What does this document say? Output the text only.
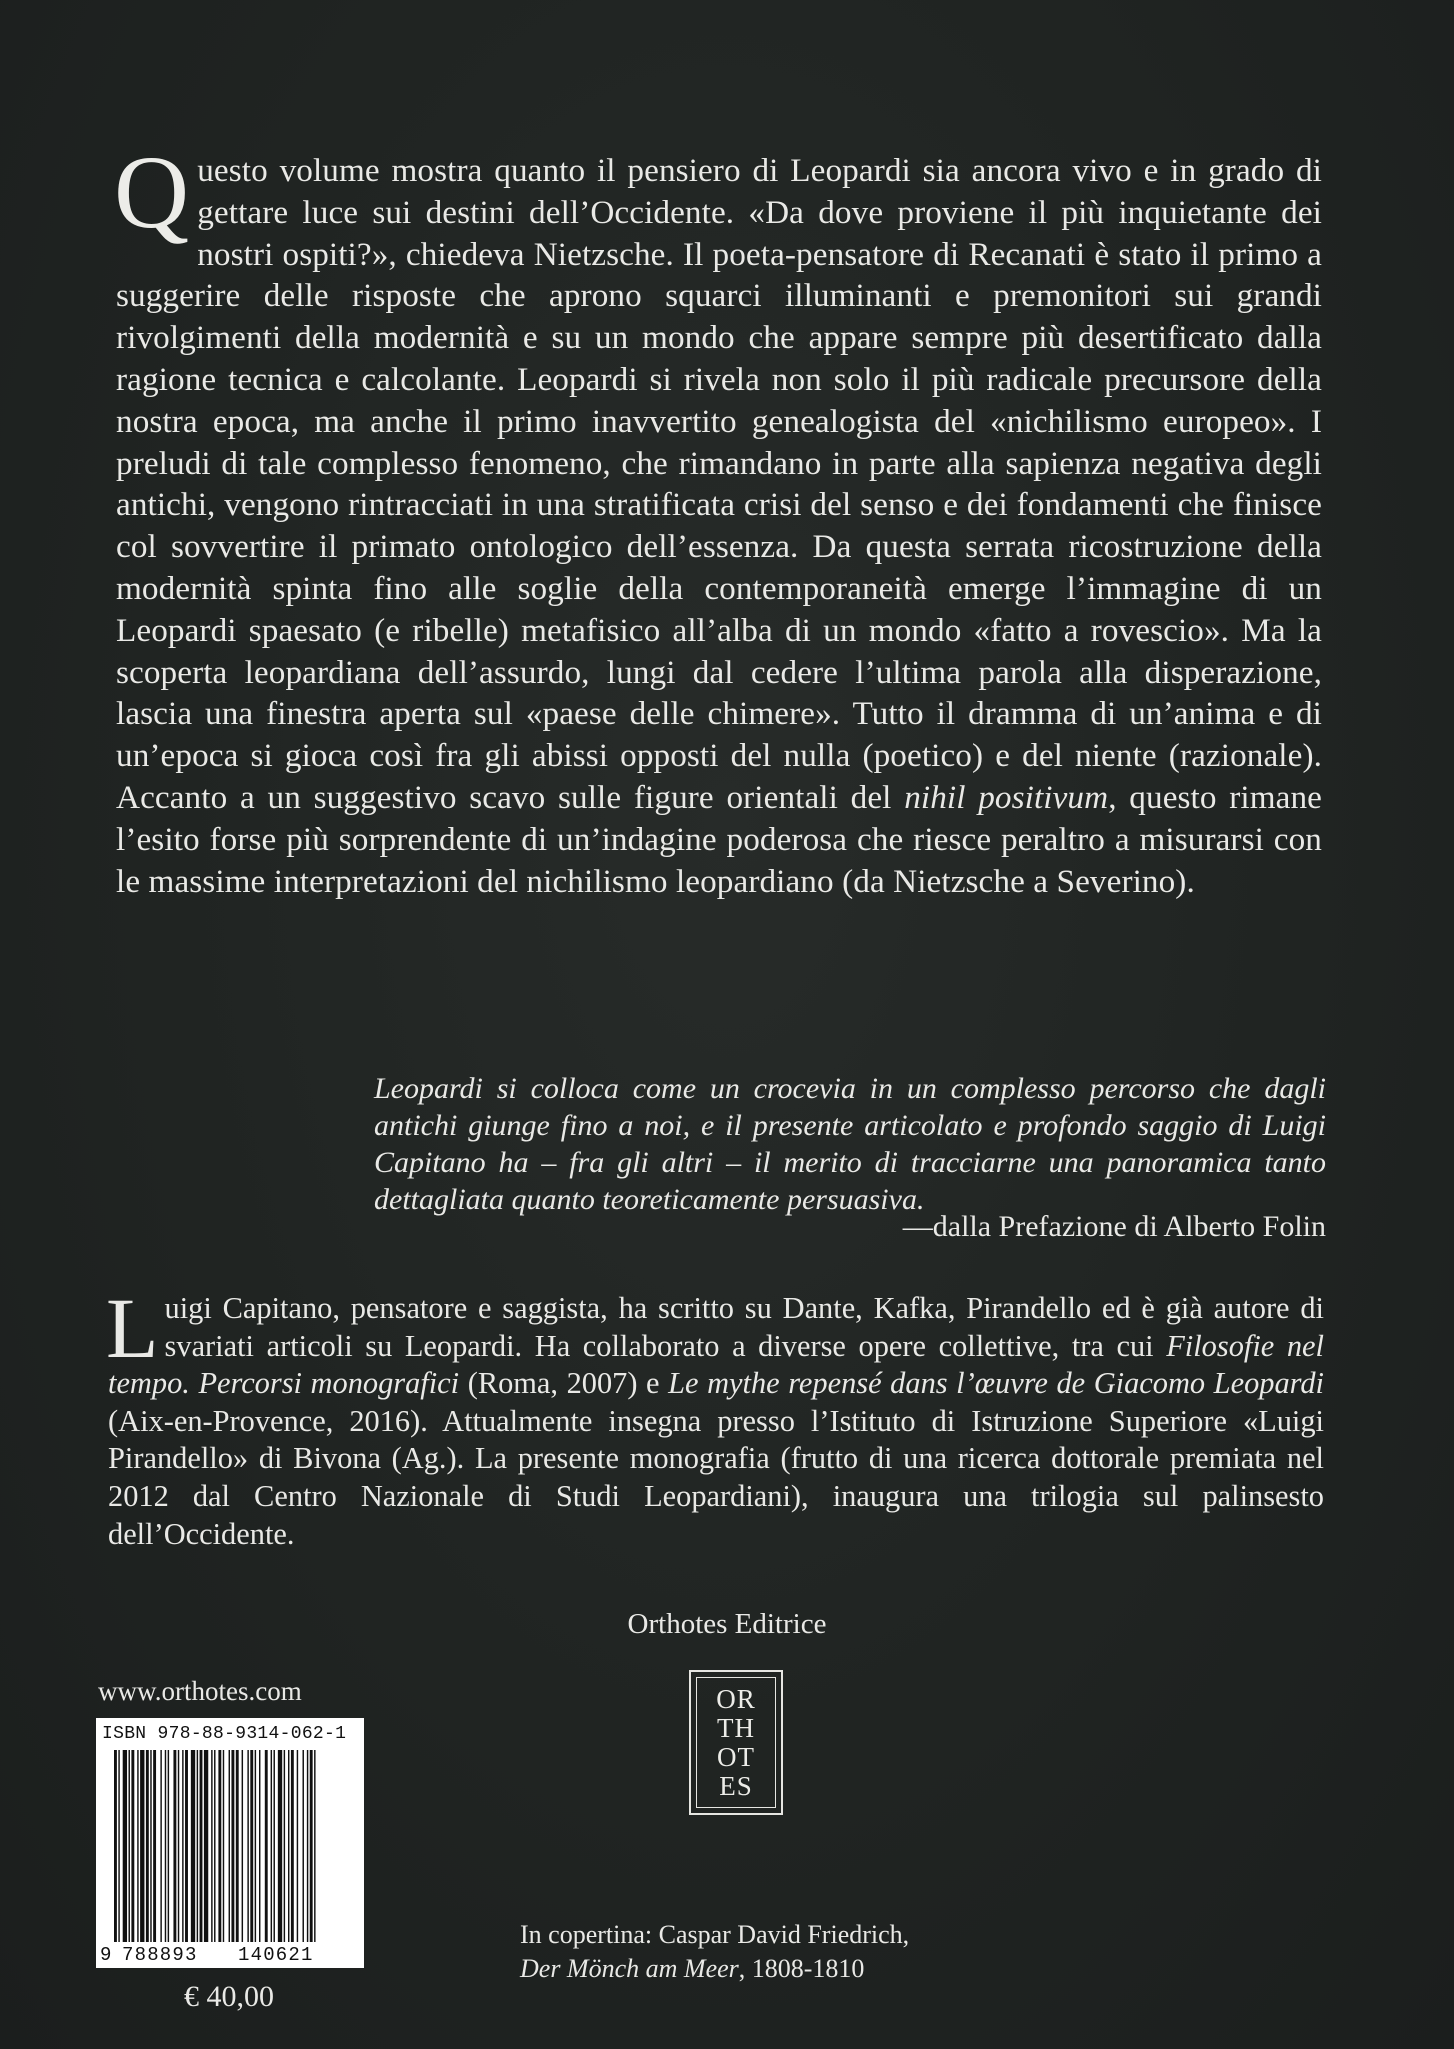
Questo volume mostra quanto il pensiero di Leopardi sia ancora vivo e in grado di gettare luce sui destini dell’Occidente. «Da dove proviene il più inquietante dei nostri ospiti?», chiedeva Nietzsche. Il poeta-pensatore di Recanati è stato il primo a suggerire delle risposte che aprono squarci illuminanti e premonitori sui grandi rivolgimenti della modernità e su un mondo che appare sempre più desertificato dalla ragione tecnica e calcolante. Leopardi si rivela non solo il più radicale precursore della nostra epoca, ma anche il primo inavvertito genealogista del «nichilismo europeo». I preludi di tale complesso fenomeno, che rimandano in parte alla sapienza negativa degli antichi, vengono rintracciati in una stratificata crisi del senso e dei fondamenti che finisce col sovvertire il primato ontologico dell’essenza. Da questa serrata ricostruzione della modernità spinta fino alle soglie della contemporaneità emerge l’immagine di un Leopardi spaesato (e ribelle) metafisico all’alba di un mondo «fatto a rovescio». Ma la scoperta leopardiana dell’assurdo, lungi dal cedere l’ultima parola alla disperazione, lascia una finestra aperta sul «paese delle chimere». Tutto il dramma di un’anima e di un’epoca si gioca così fra gli abissi opposti del nulla (poetico) e del niente (razionale). Accanto a un suggestivo scavo sulle figure orientali del nihil positivum, questo rimane l’esito forse più sorprendente di un’indagine poderosa che riesce peraltro a misurarsi con le massime interpretazioni del nichilismo leopardiano (da Nietzsche a Severino).

Leopardi si colloca come un crocevia in un complesso percorso che dagli antichi giunge fino a noi, e il presente articolato e profondo saggio di Luigi Capitano ha – fra gli altri – il merito di tracciarne una panoramica tanto dettagliata quanto teoreticamente persuasiva.

—dalla Prefazione di Alberto Folin

Luigi Capitano, pensatore e saggista, ha scritto su Dante, Kafka, Pirandello ed è già autore di svariati articoli su Leopardi. Ha collaborato a diverse opere collettive, tra cui Filosofie nel tempo. Percorsi monografici (Roma, 2007) e Le mythe repensé dans l’œuvre de Giacomo Leopardi (Aix-en-Provence, 2016). Attualmente insegna presso l’Istituto di Istruzione Superiore «Luigi Pirandello» di Bivona (Ag.). La presente monografia (frutto di una ricerca dottorale premiata nel 2012 dal Centro Nazionale di Studi Leopardiani), inaugura una trilogia sul palinsesto dell’Occidente.

Orthotes Editrice

OR
TH
OT
ES

www.orthotes.com

ISBN 978-88-9314-062-1
9 788893 140621

€ 40,00

In copertina: Caspar David Friedrich,
Der Mönch am Meer, 1808-1810
